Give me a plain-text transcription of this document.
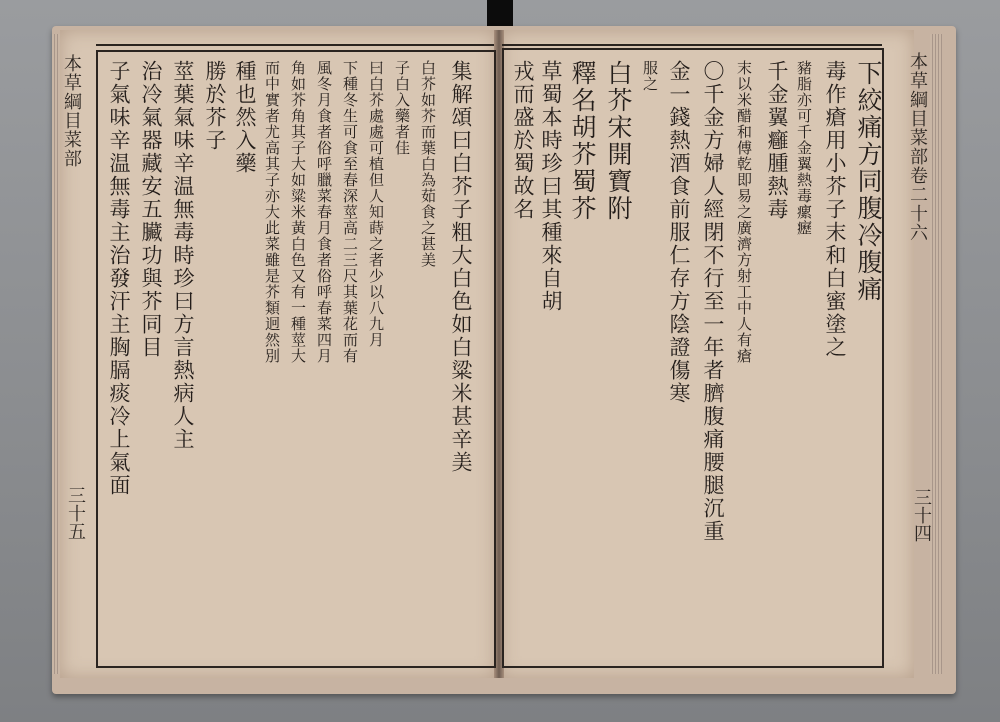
本草綱目菜部
三十五
本草綱目菜部卷二十六
三十四
子氣味辛温無毒主治發汗主胸膈痰冷上氣面 治冷氣器藏安五臟功與芥同目 莖葉氣味辛温無毒時珍曰方言熱病人主 勝於芥子 種也然入藥 而中實者尤高其子亦大此菜雖是芥類迥然別 角如芥角其子大如粱米黃白色又有一種莖大 風冬月食者俗呼臘菜春月食者俗呼春菜四月 下種冬生可食至春深莖高二三尺其葉花而有 曰白芥處處可植但人知蒔之者少以八九月 子白入藥者佳 白芥如芥而葉白為茹食之甚美 集解頌曰白芥子粗大白色如白粱米甚辛美	下絞痛方同腹冷腹痛
毒作瘡用小芥子末和白蜜塗之
豬脂亦可千金翼熱毒瘰癧
千金翼癰腫熱毒
末以米醋和傅乾即易之廣濟方射工中人有瘡
〇千金方婦人經閉不行至一年者臍腹痛腰腿沉重
金一錢熱酒食前服仁存方陰證傷寒
服之
白芥宋開寶附
釋名胡芥蜀芥
草蜀本時珍曰其種來自胡
戎而盛於蜀故名
